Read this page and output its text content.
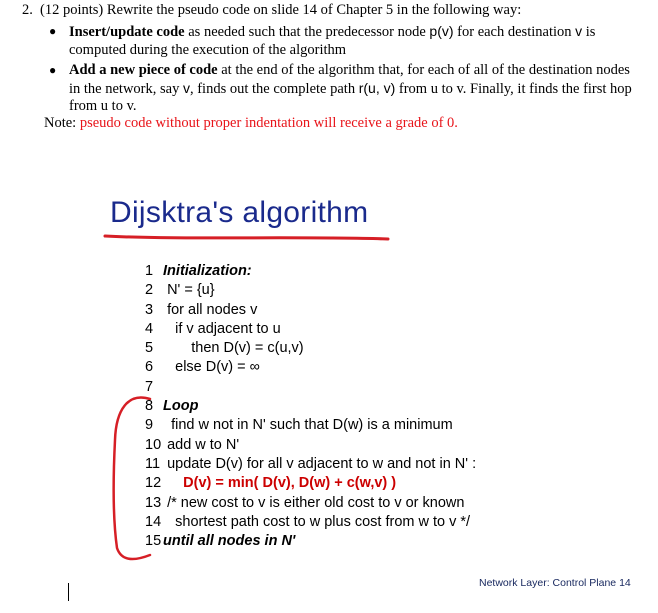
2. (12 points) Rewrite the pseudo code on slide 14 of Chapter 5 in the following way:
● Insert/update code as needed such that the predecessor node p(v) for each destination v is computed during the execution of the algorithm
● Add a new piece of code at the end of the algorithm that, for each of all of the destination nodes in the network, say v, finds out the complete path r(u, v) from u to v. Finally, it finds the first hop from u to v.
Note: pseudo code without proper indentation will receive a grade of 0.
Dijsktra's algorithm
1 Initialization:
2 N' = {u}
3 for all nodes v
4 if v adjacent to u
5	then D(v) = c(u,v)
6 else D(v) = ∞
7
8 Loop
9 find w not in N' such that D(w) is a minimum
10 add w to N'
11 update D(v) for all v adjacent to w and not in N' :
12 D(v) = min( D(v), D(w) + c(w,v) )
13 /* new cost to v is either old cost to v or known
14 shortest path cost to w plus cost from w to v */
15 until all nodes in N'
Network Layer: Control Plane 14
